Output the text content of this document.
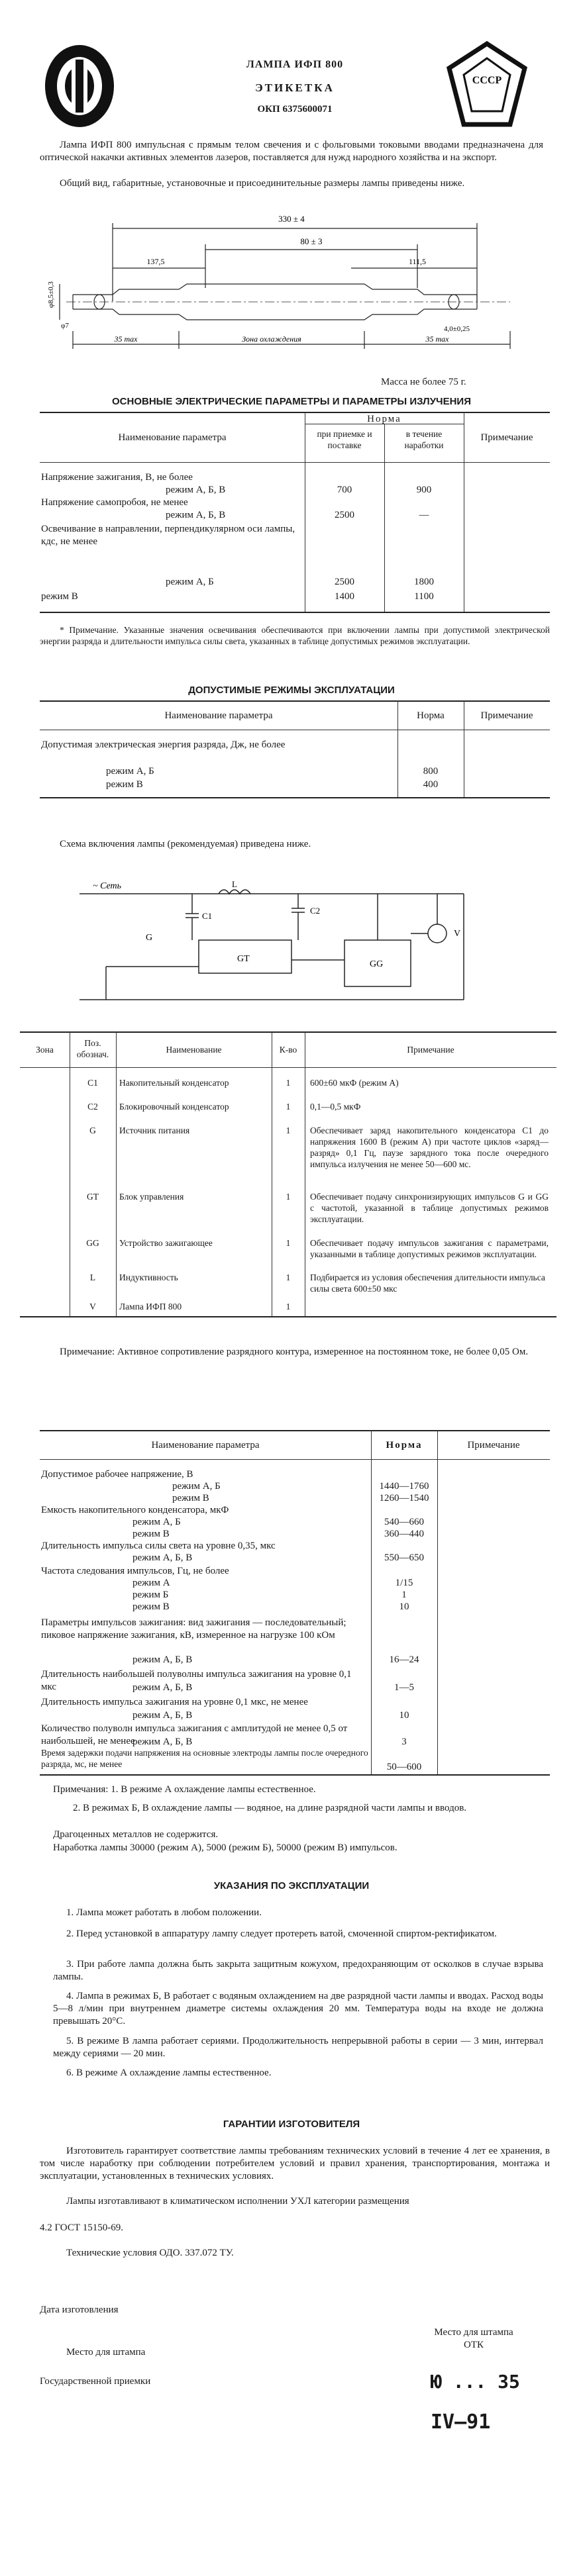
ЛАМПА ИФП 800
ЭТИКЕТКА
ОКП 6375600071
СССР
Лампа ИФП 800 импульсная с прямым телом свечения и с фольговыми токовыми вводами предназначена для оптической накачки активных элементов лазеров, поставляется для нужд народного хозяйства и на экспорт.
Общий вид, габаритные, установочные и присоединительные размеры лампы приведены ниже.
330 ± 4
80 ± 3
137,5	111,5
φ8,5±0,3
φ7	4,0±0,25
35 max	Зона охлаждения	35 max
Масса не более 75 г.
ОСНОВНЫЕ ЭЛЕКТРИЧЕСКИЕ ПАРАМЕТРЫ И ПАРАМЕТРЫ ИЗЛУЧЕНИЯ
Наименование параметра
Норма
при приемке и поставке
в течение наработки
Примечание
Напряжение зажигания, В, не более
режим А, Б, В	700	900
Напряжение самопробоя, не менее
режим А, Б, В	2500	—
Освечивание в направлении, перпендикулярном оси лампы, кдс, не менее
режим А, Б	2500	1800
режим В	1400	1100
* Примечание. Указанные значения освечивания обеспечиваются при включении лампы при допустимой электрической энергии разряда и длительности импульса силы света, указанных в таблице допустимых режимов эксплуатации.
ДОПУСТИМЫЕ РЕЖИМЫ ЭКСПЛУАТАЦИИ
Наименование параметра	Норма	Примечание
Допустимая электрическая энергия разряда, Дж, не более
режим А, Б	800
режим В	400
Схема включения лампы (рекомендуемая) приведена ниже.
~ Сеть
C1
L
C2
G
GT
GG
V
Зона
Поз. обознач.	Наименование	К-во	Примечание
C1	Накопительный конденсатор	1	600±60 мкФ (режим А)
C2	Блокировочный конденсатор	1	0,1—0,5 мкФ
G	Источник питания	1	Обеспечивает заряд накопительного конденсатора С1 до напряжения 1600 В (режим А) при частоте циклов «заряд—разряд» 0,1 Гц, паузе зарядного тока после очередного импульса излучения не менее 50—600 мс.
GT	Блок управления	1	Обеспечивает подачу синхронизирующих импульсов G и GG с частотой, указанной в таблице допустимых режимов эксплуатации.
GG	Устройство зажигающее	1	Обеспечивает подачу импульсов зажигания с параметрами, указанными в таблице допустимых режимов эксплуатации.
L	Индуктивность	1	Подбирается из условия обеспечения длительности импульса силы света 600±50 мкс
V	Лампа ИФП 800	1
Примечание: Активное сопротивление разрядного контура, измеренное на постоянном токе, не более 0,05 Ом.
Наименование параметра	Норма	Примечание
Допустимое рабочее напряжение, В
режим А, Б	1440—1760
режим В	1260—1540
Емкость накопительного конденсатора, мкФ
режим А, Б	540—660
режим В	360—440
Длительность импульса силы света на уровне 0,35, мкс
режим А, Б, В	550—650
Частота следования импульсов, Гц, не более
режим А	1/15
режим Б	1
режим В	10
Параметры импульсов зажигания: вид зажигания — последовательный; пиковое напряжение зажигания, кВ, измеренное на нагрузке 100 кОм
режим А, Б, В	16—24
Длительность наибольшей полуволны импульса зажигания на уровне 0,1 мкс	режим А, Б, В	1—5
Длительность импульса зажигания на уровне 0,1 мкс, не менее
режим А, Б, В	10
Количество полуволн импульса зажигания с амплитудой не менее 0,5 от наибольшей, не менее
режим А, Б, В	3
Время задержки подачи напряжения на основные электроды лампы после очередного разряда, мс, не менее	50—600
Примечания: 1. В режиме А охлаждение лампы естественное.
2. В режимах Б, В охлаждение лампы — водяное, на длине разрядной части лампы и вводов.
Драгоценных металлов не содержится.
Наработка лампы 30000 (режим А), 5000 (режим Б), 50000 (режим В) импульсов.
УКАЗАНИЯ ПО ЭКСПЛУАТАЦИИ
1. Лампа может работать в любом положении.
2. Перед установкой в аппаратуру лампу следует протереть ватой, смоченной спиртом-ректификатом.
3. При работе лампа должна быть закрыта защитным кожухом, предохраняющим от осколков в случае взрыва лампы.
4. Лампа в режимах Б, В работает с водяным охлаждением на две разрядной части лампы и вводах. Расход воды 5—8 л/мин при внутреннем диаметре системы охлаждения 20 мм. Температура воды на входе не должна превышать 20°С.
5. В режиме В лампа работает сериями. Продолжительность непрерывной работы в серии — 3 мин, интервал между сериями — 20 мин.
6. В режиме А охлаждение лампы естественное.
ГАРАНТИИ ИЗГОТОВИТЕЛЯ
Изготовитель гарантирует соответствие лампы требованиям технических условий в течение 4 лет ее хранения, в том числе наработку при соблюдении потребителем условий и правил хранения, транспортирования, монтажа и эксплуатации, установленных в технических условиях.
Лампы изготавливают в климатическом исполнении УХЛ категории размещения
4.2 ГОСТ 15150-69.
Технические условия ОДО. 337.072 ТУ.
Дата изготовления
Место для штампа ОТК
Место для штампа
Государственной приемки	Ю ... 35
IV—91
